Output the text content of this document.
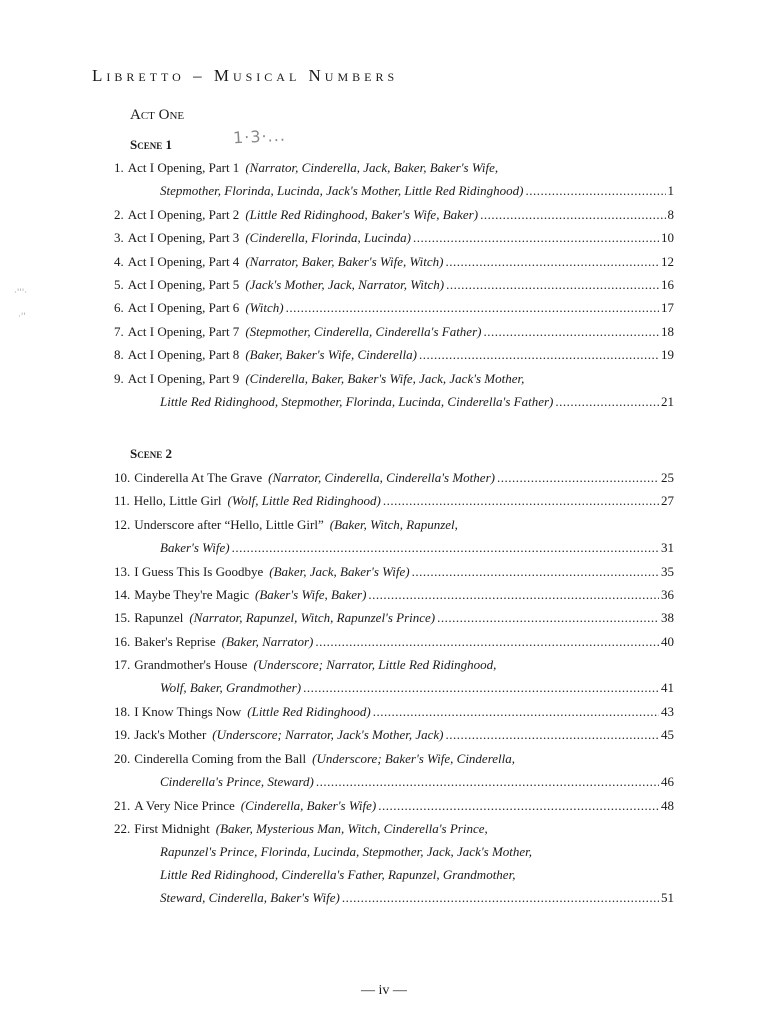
Libretto – Musical Numbers
Act One
Scene 1	1·3·...
·'''·
·''
Scene 2
— iv —
1. Act I Opening, Part 1 (Narrator, Cinderella, Jack, Baker, Baker's Wife,
Stepmother, Florinda, Lucinda, Jack's Mother, Little Red Ridinghood) .....	1
2. Act I Opening, Part 2 (Little Red Ridinghood, Baker's Wife, Baker) .....	8
3. Act I Opening, Part 3 (Cinderella, Florinda, Lucinda) .....	10
4. Act I Opening, Part 4 (Narrator, Baker, Baker's Wife, Witch) .....	12
5. Act I Opening, Part 5 (Jack's Mother, Jack, Narrator, Witch) .....	16
6. Act I Opening, Part 6 (Witch) .....	17
7. Act I Opening, Part 7 (Stepmother, Cinderella, Cinderella's Father) .....	18
8. Act I Opening, Part 8 (Baker, Baker's Wife, Cinderella) .....	19
9. Act I Opening, Part 9 (Cinderella, Baker, Baker's Wife, Jack, Jack's Mother,
Little Red Ridinghood, Stepmother, Florinda, Lucinda, Cinderella's Father) .....	21
10. Cinderella At The Grave (Narrator, Cinderella, Cinderella's Mother) .....	25
11. Hello, Little Girl (Wolf, Little Red Ridinghood) .....	27
12. Underscore after “Hello, Little Girl” (Baker, Witch, Rapunzel,
Baker's Wife) .....	31
13. I Guess This Is Goodbye (Baker, Jack, Baker's Wife) .....	35
14. Maybe They're Magic (Baker's Wife, Baker) .....	36
15. Rapunzel (Narrator, Rapunzel, Witch, Rapunzel's Prince) .....	38
16. Baker's Reprise (Baker, Narrator) .....	40
17. Grandmother's House (Underscore; Narrator, Little Red Ridinghood,
Wolf, Baker, Grandmother) .....	41
18. I Know Things Now (Little Red Ridinghood) .....	43
19. Jack's Mother (Underscore; Narrator, Jack's Mother, Jack) .....	45
20. Cinderella Coming from the Ball (Underscore; Baker's Wife, Cinderella,
Cinderella's Prince, Steward) .....	46
21. A Very Nice Prince (Cinderella, Baker's Wife) .....	48
22. First Midnight (Baker, Mysterious Man, Witch, Cinderella's Prince,
Rapunzel's Prince, Florinda, Lucinda, Stepmother, Jack, Jack's Mother,
Little Red Ridinghood, Cinderella's Father, Rapunzel, Grandmother,
Steward, Cinderella, Baker's Wife) .....	51
